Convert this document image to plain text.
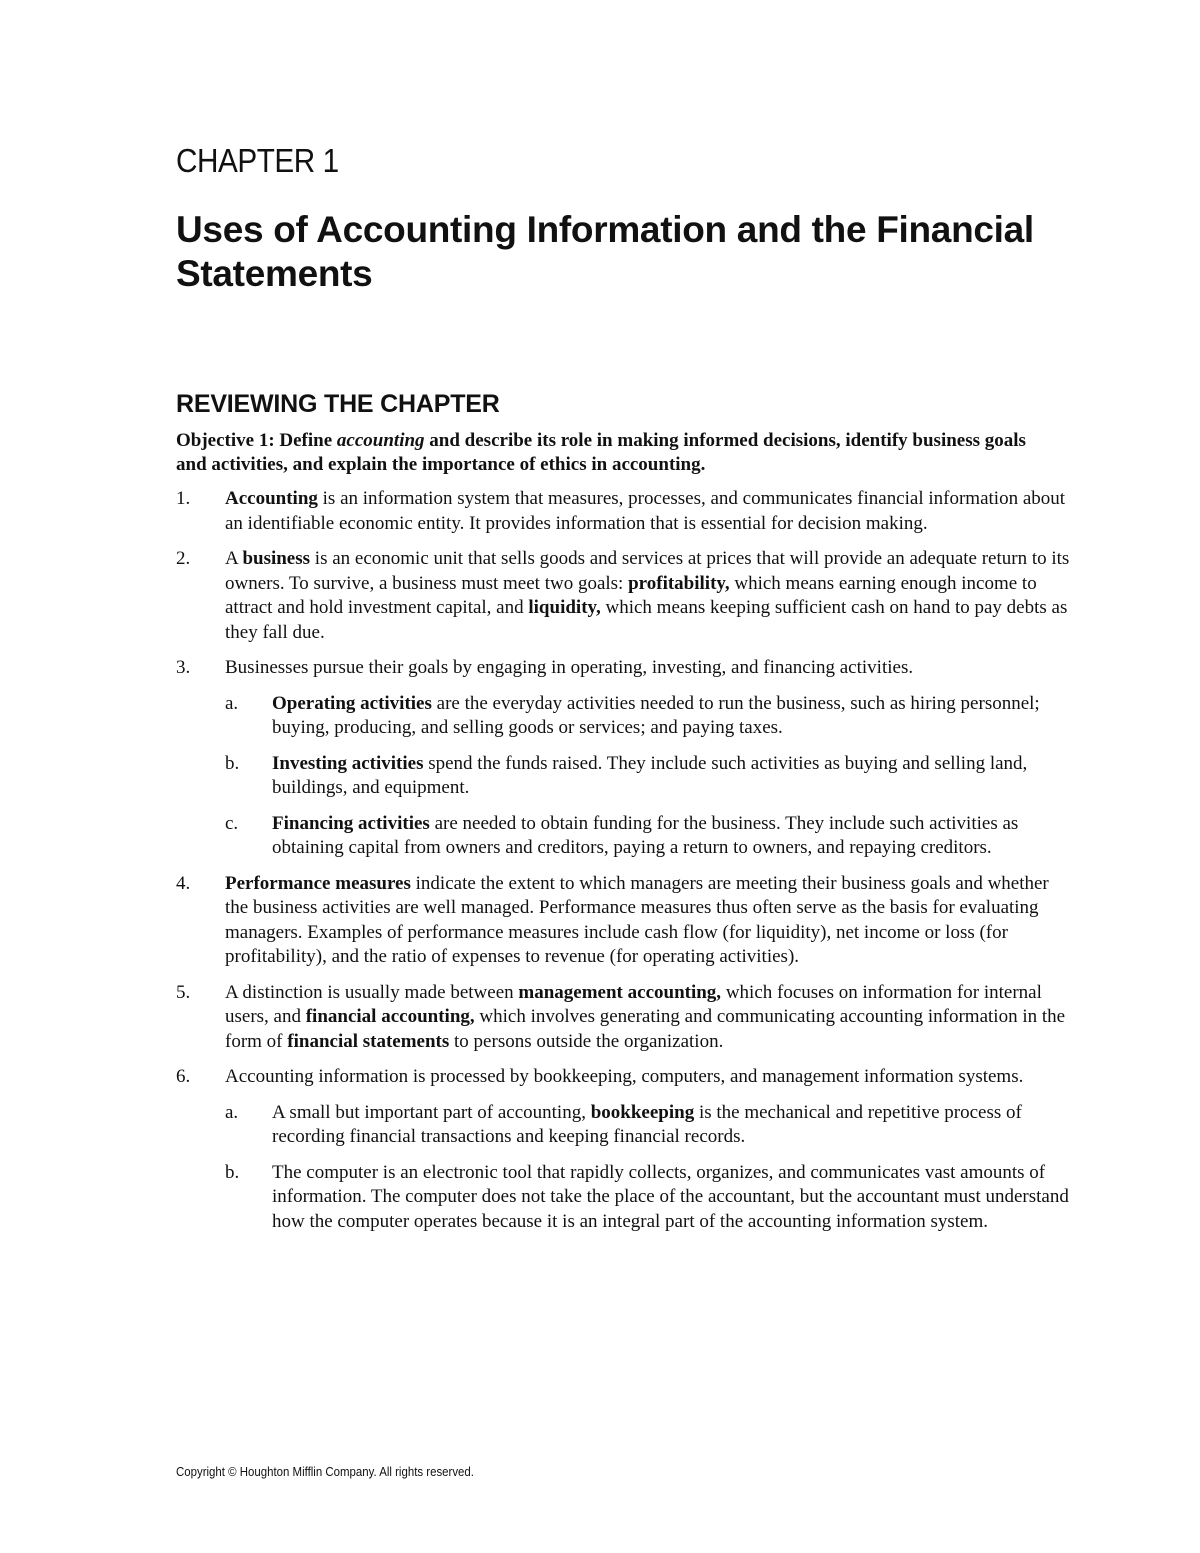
CHAPTER 1
Uses of Accounting Information and the Financial Statements
REVIEWING THE CHAPTER
Objective 1: Define accounting and describe its role in making informed decisions, identify business goals and activities, and explain the importance of ethics in accounting.
1. Accounting is an information system that measures, processes, and communicates financial information about an identifiable economic entity. It provides information that is essential for decision making.
2. A business is an economic unit that sells goods and services at prices that will provide an adequate return to its owners. To survive, a business must meet two goals: profitability, which means earning enough income to attract and hold investment capital, and liquidity, which means keeping sufficient cash on hand to pay debts as they fall due.
3. Businesses pursue their goals by engaging in operating, investing, and financing activities.
a. Operating activities are the everyday activities needed to run the business, such as hiring personnel; buying, producing, and selling goods or services; and paying taxes.
b. Investing activities spend the funds raised. They include such activities as buying and selling land, buildings, and equipment.
c. Financing activities are needed to obtain funding for the business. They include such activities as obtaining capital from owners and creditors, paying a return to owners, and repaying creditors.
4. Performance measures indicate the extent to which managers are meeting their business goals and whether the business activities are well managed. Performance measures thus often serve as the basis for evaluating managers. Examples of performance measures include cash flow (for liquidity), net income or loss (for profitability), and the ratio of expenses to revenue (for operating activities).
5. A distinction is usually made between management accounting, which focuses on information for internal users, and financial accounting, which involves generating and communicating accounting information in the form of financial statements to persons outside the organization.
6. Accounting information is processed by bookkeeping, computers, and management information systems.
a. A small but important part of accounting, bookkeeping is the mechanical and repetitive process of recording financial transactions and keeping financial records.
b. The computer is an electronic tool that rapidly collects, organizes, and communicates vast amounts of information. The computer does not take the place of the accountant, but the accountant must understand how the computer operates because it is an integral part of the accounting information system.
Copyright © Houghton Mifflin Company. All rights reserved.
